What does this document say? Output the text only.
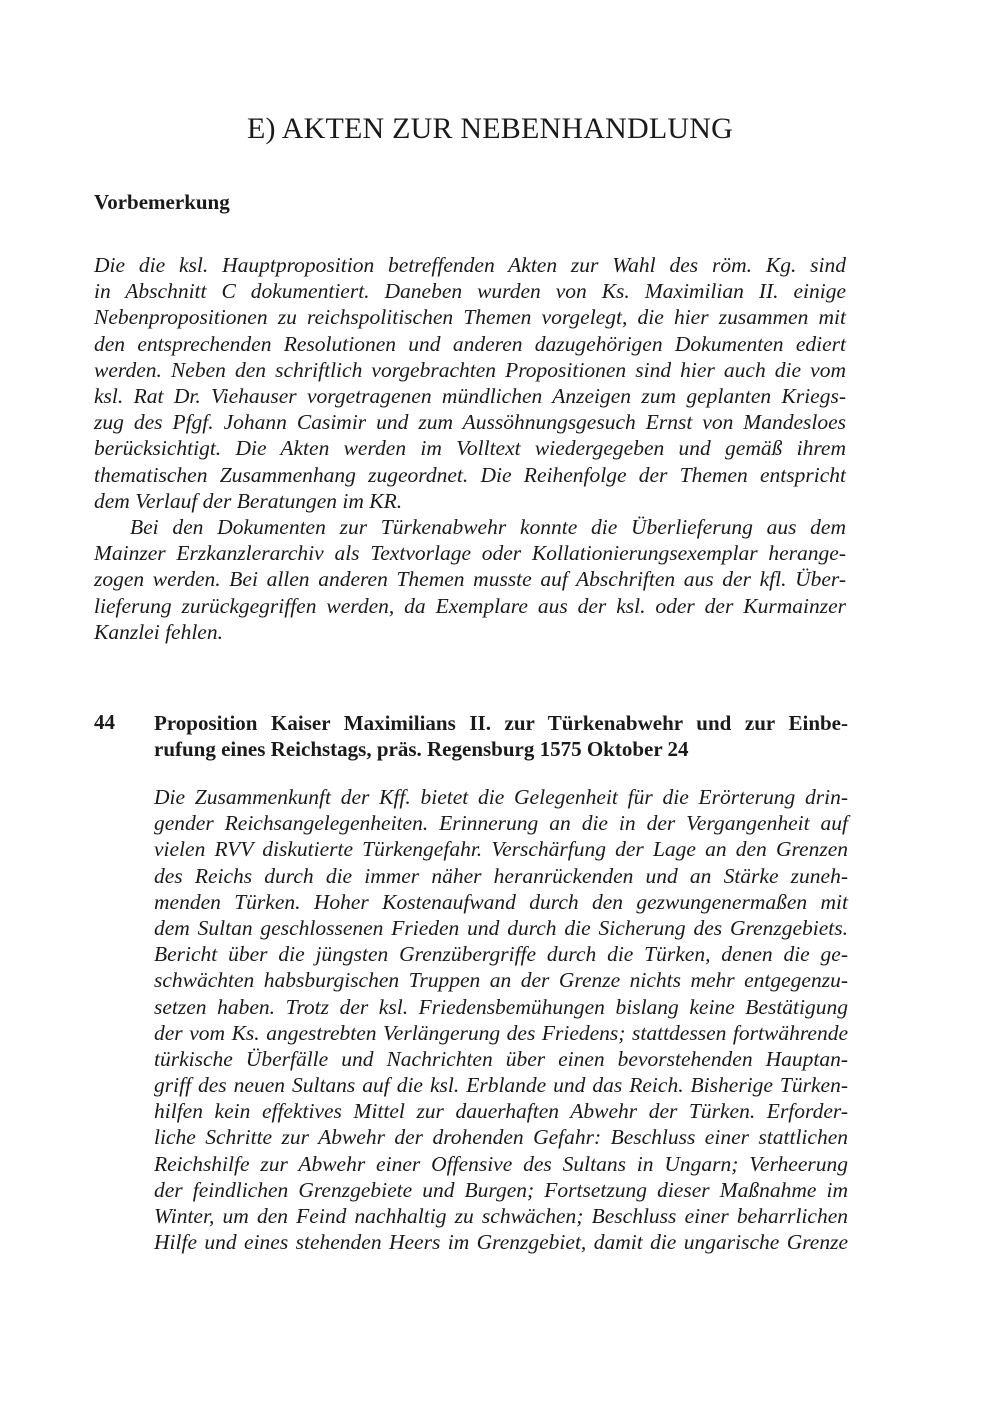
E) AKTEN ZUR NEBENHANDLUNG
Vorbemerkung
Die die ksl. Hauptproposition betreffenden Akten zur Wahl des röm. Kg. sind
in Abschnitt C dokumentiert. Daneben wurden von Ks. Maximilian II. einige
Nebenpropositionen zu reichspolitischen Themen vorgelegt, die hier zusammen mit
den entsprechenden Resolutionen und anderen dazugehörigen Dokumenten ediert
werden. Neben den schriftlich vorgebrachten Propositionen sind hier auch die vom
ksl. Rat Dr. Viehauser vorgetragenen mündlichen Anzeigen zum geplanten Kriegs-
zug des Pfgf. Johann Casimir und zum Aussöhnungsgesuch Ernst von Mandesloes
berücksichtigt. Die Akten werden im Volltext wiedergegeben und gemäß ihrem
thematischen Zusammenhang zugeordnet. Die Reihenfolge der Themen entspricht
dem Verlauf der Beratungen im KR.
Bei den Dokumenten zur Türkenabwehr konnte die Überlieferung aus dem
Mainzer Erzkanzlerarchiv als Textvorlage oder Kollationierungsexemplar herange-
zogen werden. Bei allen anderen Themen musste auf Abschriften aus der kfl. Über-
lieferung zurückgegriffen werden, da Exemplare aus der ksl. oder der Kurmainzer
Kanzlei fehlen.
44 Proposition Kaiser Maximilians II. zur Türkenabwehr und zur Einbe-
rufung eines Reichstags, präs. Regensburg 1575 Oktober 24
Die Zusammenkunft der Kff. bietet die Gelegenheit für die Erörterung drin-
gender Reichsangelegenheiten. Erinnerung an die in der Vergangenheit auf
vielen RVV diskutierte Türkengefahr. Verschärfung der Lage an den Grenzen
des Reichs durch die immer näher heranrückenden und an Stärke zuneh-
menden Türken. Hoher Kostenaufwand durch den gezwungenermaßen mit
dem Sultan geschlossenen Frieden und durch die Sicherung des Grenzgebiets.
Bericht über die jüngsten Grenzübergriffe durch die Türken, denen die ge-
schwächten habsburgischen Truppen an der Grenze nichts mehr entgegenzu-
setzen haben. Trotz der ksl. Friedensbemühungen bislang keine Bestätigung
der vom Ks. angestrebten Verlängerung des Friedens; stattdessen fortwährende
türkische Überfälle und Nachrichten über einen bevorstehenden Hauptan-
griff des neuen Sultans auf die ksl. Erblande und das Reich. Bisherige Türken-
hilfen kein effektives Mittel zur dauerhaften Abwehr der Türken. Erforder-
liche Schritte zur Abwehr der drohenden Gefahr: Beschluss einer stattlichen
Reichshilfe zur Abwehr einer Offensive des Sultans in Ungarn; Verheerung
der feindlichen Grenzgebiete und Burgen; Fortsetzung dieser Maßnahme im
Winter, um den Feind nachhaltig zu schwächen; Beschluss einer beharrlichen
Hilfe und eines stehenden Heers im Grenzgebiet, damit die ungarische Grenze
